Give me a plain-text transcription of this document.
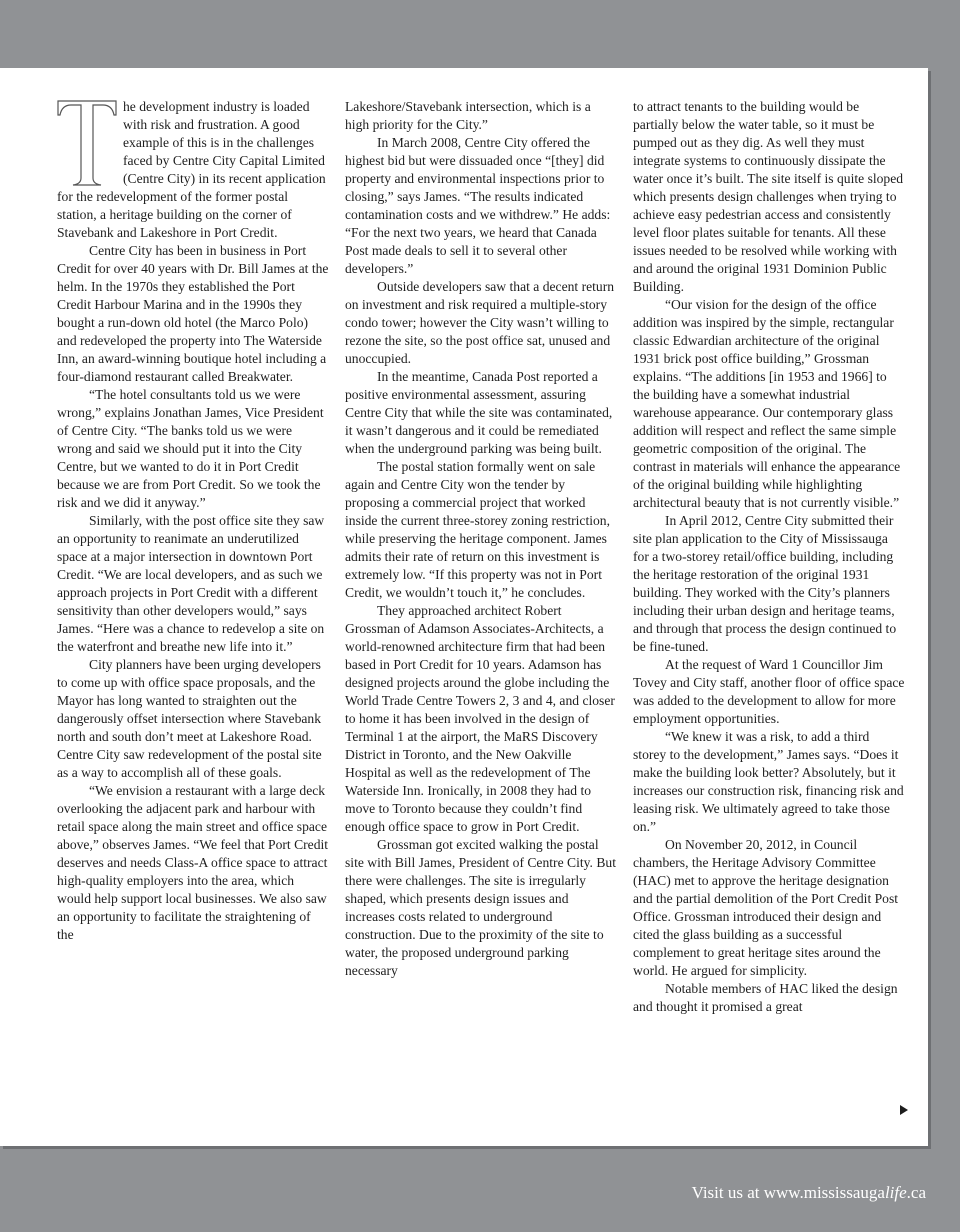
he development industry is loaded with risk and frustration. A good example of this is in the challenges faced by Centre City Capital Limited (Centre City) in its recent application for the redevelopment of the former postal station, a heritage building on the corner of Stavebank and Lakeshore in Port Credit.

Centre City has been in business in Port Credit for over 40 years with Dr. Bill James at the helm. In the 1970s they established the Port Credit Harbour Marina and in the 1990s they bought a run-down old hotel (the Marco Polo) and redeveloped the property into The Waterside Inn, an award-winning boutique hotel including a four-diamond restaurant called Breakwater.

“The hotel consultants told us we were wrong,” explains Jonathan James, Vice President of Centre City. “The banks told us we were wrong and said we should put it into the City Centre, but we wanted to do it in Port Credit because we are from Port Credit. So we took the risk and we did it anyway.”

Similarly, with the post office site they saw an opportunity to reanimate an underutilized space at a major intersection in downtown Port Credit. “We are local developers, and as such we approach projects in Port Credit with a different sensitivity than other developers would,” says James. “Here was a chance to redevelop a site on the waterfront and breathe new life into it.”

City planners have been urging developers to come up with office space proposals, and the Mayor has long wanted to straighten out the dangerously offset intersection where Stavebank north and south don’t meet at Lakeshore Road. Centre City saw redevelopment of the postal site as a way to accomplish all of these goals.

“We envision a restaurant with a large deck overlooking the adjacent park and harbour with retail space along the main street and office space above,” observes James. “We feel that Port Credit deserves and needs Class-A office space to attract high-quality employers into the area, which would help support local businesses. We also saw an opportunity to facilitate the straightening of the

Lakeshore/Stavebank intersection, which is a high priority for the City.”

In March 2008, Centre City offered the highest bid but were dissuaded once “[they] did property and environmental inspections prior to closing,” says James. “The results indicated contamination costs and we withdrew.” He adds: “For the next two years, we heard that Canada Post made deals to sell it to several other developers.”

Outside developers saw that a decent return on investment and risk required a multiple-story condo tower; however the City wasn’t willing to rezone the site, so the post office sat, unused and unoccupied.

In the meantime, Canada Post reported a positive environmental assessment, assuring Centre City that while the site was contaminated, it wasn’t dangerous and it could be remediated when the underground parking was being built.

The postal station formally went on sale again and Centre City won the tender by proposing a commercial project that worked inside the current three-storey zoning restriction, while preserving the heritage component. James admits their rate of return on this investment is extremely low. “If this property was not in Port Credit, we wouldn’t touch it,” he concludes.

They approached architect Robert Grossman of Adamson Associates-Architects, a world-renowned architecture firm that had been based in Port Credit for 10 years. Adamson has designed projects around the globe including the World Trade Centre Towers 2, 3 and 4, and closer to home it has been involved in the design of Terminal 1 at the airport, the MaRS Discovery District in Toronto, and the New Oakville Hospital as well as the redevelopment of The Waterside Inn. Ironically, in 2008 they had to move to Toronto because they couldn’t find enough office space to grow in Port Credit.

Grossman got excited walking the postal site with Bill James, President of Centre City. But there were challenges. The site is irregularly shaped, which presents design issues and increases costs related to underground construction. Due to the proximity of the site to water, the proposed underground parking necessary

to attract tenants to the building would be partially below the water table, so it must be pumped out as they dig. As well they must integrate systems to continuously dissipate the water once it’s built. The site itself is quite sloped which presents design challenges when trying to achieve easy pedestrian access and consistently level floor plates suitable for tenants. All these issues needed to be resolved while working with and around the original 1931 Dominion Public Building.

“Our vision for the design of the office addition was inspired by the simple, rectangular classic Edwardian architecture of the original 1931 brick post office building,” Grossman explains. “The additions [in 1953 and 1966] to the building have a somewhat industrial warehouse appearance. Our contemporary glass addition will respect and reflect the same simple geometric composition of the original. The contrast in materials will enhance the appearance of the original building while highlighting architectural beauty that is not currently visible.”

In April 2012, Centre City submitted their site plan application to the City of Mississauga for a two-storey retail/office building, including the heritage restoration of the original 1931 building. They worked with the City’s planners including their urban design and heritage teams, and through that process the design continued to be fine-tuned.

At the request of Ward 1 Councillor Jim Tovey and City staff, another floor of office space was added to the development to allow for more employment opportunities.

“We knew it was a risk, to add a third storey to the development,” James says. “Does it make the building look better? Absolutely, but it increases our construction risk, financing risk and leasing risk. We ultimately agreed to take those on.”

On November 20, 2012, in Council chambers, the Heritage Advisory Committee (HAC) met to approve the heritage designation and the partial demolition of the Port Credit Post Office. Grossman introduced their design and cited the glass building as a successful complement to great heritage sites around the world. He argued for simplicity.

Notable members of HAC liked the design and thought it promised a great

Visit us at www.mississaugalife.ca
